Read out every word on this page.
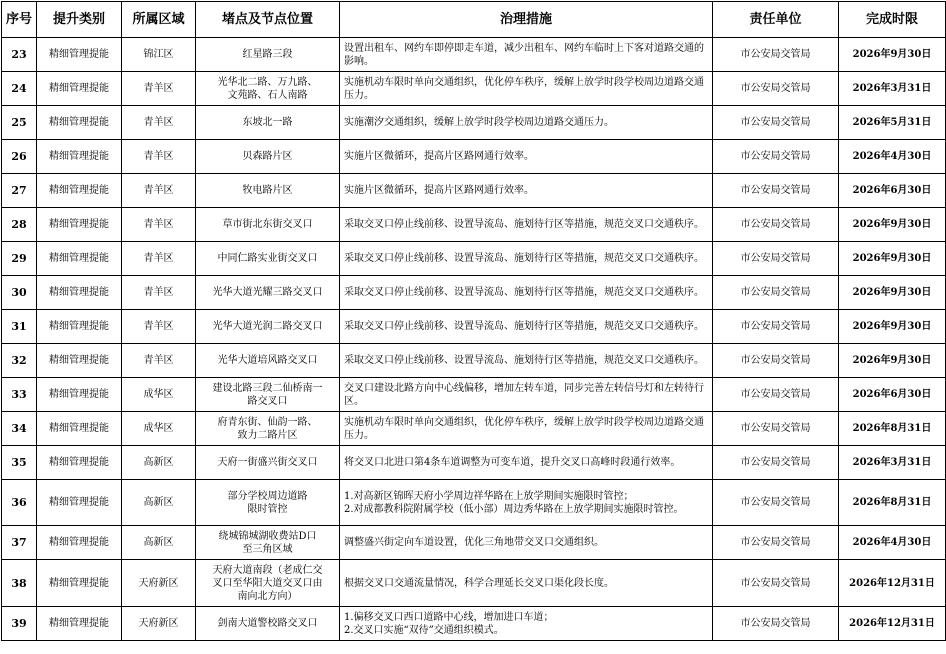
序号	提升类别	所属区域	堵点及节点位置	治理措施	责任单位	完成时限
23	精细管理提能	锦江区	红星路三段	设置出租车、网约车即停即走车道，减少出租车、网约车临时上下客对道路交通的影响。	市公安局交管局	2026年9月30日
24	精细管理提能	青羊区	光华北二路、万九路、
文苑路、石人南路	实施机动车限时单向交通组织，优化停车秩序，缓解上放学时段学校周边道路交通压力。	市公安局交管局	2026年3月31日
25	精细管理提能	青羊区	东坡北一路	实施潮汐交通组织，缓解上放学时段学校周边道路交通压力。	市公安局交管局	2026年5月31日
26	精细管理提能	青羊区	贝森路片区	实施片区微循环，提高片区路网通行效率。	市公安局交管局	2026年4月30日
27	精细管理提能	青羊区	牧电路片区	实施片区微循环，提高片区路网通行效率。	市公安局交管局	2026年6月30日
28	精细管理提能	青羊区	草市街北东街交叉口	采取交叉口停止线前移、设置导流岛、施划待行区等措施，规范交叉口交通秩序。	市公安局交管局	2026年9月30日
29	精细管理提能	青羊区	中同仁路实业街交叉口	采取交叉口停止线前移、设置导流岛、施划待行区等措施，规范交叉口交通秩序。	市公安局交管局	2026年9月30日
30	精细管理提能	青羊区	光华大道光耀三路交叉口	采取交叉口停止线前移、设置导流岛、施划待行区等措施，规范交叉口交通秩序。	市公安局交管局	2026年9月30日
31	精细管理提能	青羊区	光华大道光润二路交叉口	采取交叉口停止线前移、设置导流岛、施划待行区等措施，规范交叉口交通秩序。	市公安局交管局	2026年9月30日
32	精细管理提能	青羊区	光华大道培风路交叉口	采取交叉口停止线前移、设置导流岛、施划待行区等措施，规范交叉口交通秩序。	市公安局交管局	2026年9月30日
33	精细管理提能	成华区	建设北路三段二仙桥南一
路交叉口	交叉口建设北路方向中心线偏移，增加左转车道，同步完善左转信号灯和左转待行区。	市公安局交管局	2026年6月30日
34	精细管理提能	成华区	府青东街、仙韵一路、
致力二路片区	实施机动车限时单向交通组织，优化停车秩序，缓解上放学时段学校周边道路交通压力。	市公安局交管局	2026年8月31日
35	精细管理提能	高新区	天府一街盛兴街交叉口	将交叉口北进口第4条车道调整为可变车道，提升交叉口高峰时段通行效率。	市公安局交管局	2026年3月31日
36	精细管理提能	高新区	部分学校周边道路
限时管控	1.对高新区锦晖天府小学周边祥华路在上放学期间实施限时管控；
2.对成都教科院附属学校（低小部）周边秀华路在上放学期间实施限时管控。	市公安局交管局	2026年8月31日
37	精细管理提能	高新区	绕城锦城湖收费站D口
至三角区域	调整盛兴街定向车道设置，优化三角地带交叉口交通组织。	市公安局交管局	2026年4月30日
38	精细管理提能	天府新区	天府大道南段（老成仁交
叉口至华阳大道交叉口由
南向北方向）	根据交叉口交通流量情况，科学合理延长交叉口渠化段长度。	市公安局交管局	2026年12月31日
39	精细管理提能	天府新区	剑南大道警校路交叉口	1.偏移交叉口西口道路中心线，增加进口车道；
2.交叉口实施“双待”交通组织模式。	市公安局交管局	2026年12月31日
